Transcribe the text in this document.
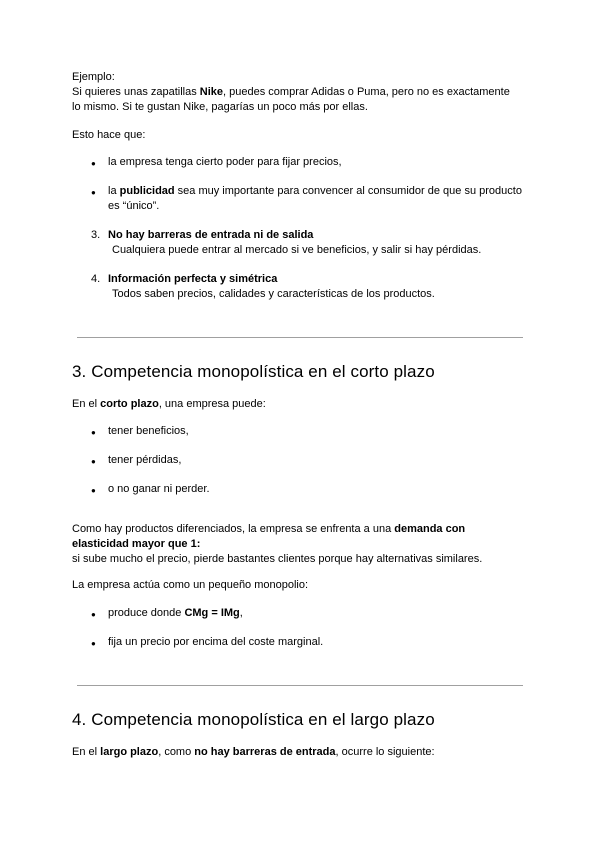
Ejemplo:
Si quieres unas zapatillas Nike, puedes comprar Adidas o Puma, pero no es exactamente
lo mismo. Si te gustan Nike, pagarías un poco más por ellas.
Esto hace que:
● la empresa tenga cierto poder para fijar precios,
● la publicidad sea muy importante para convencer al consumidor de que su producto
es “único”.
3. No hay barreras de entrada ni de salida
Cualquiera puede entrar al mercado si ve beneficios, y salir si hay pérdidas.
4. Información perfecta y simétrica
Todos saben precios, calidades y características de los productos.
3. Competencia monopolística en el corto plazo
En el corto plazo, una empresa puede:
● tener beneficios,
● tener pérdidas,
● o no ganar ni perder.
Como hay productos diferenciados, la empresa se enfrenta a una demanda con
elasticidad mayor que 1:
si sube mucho el precio, pierde bastantes clientes porque hay alternativas similares.
La empresa actúa como un pequeño monopolio:
● produce donde CMg = IMg,
● fija un precio por encima del coste marginal.
4. Competencia monopolística en el largo plazo
En el largo plazo, como no hay barreras de entrada, ocurre lo siguiente:
